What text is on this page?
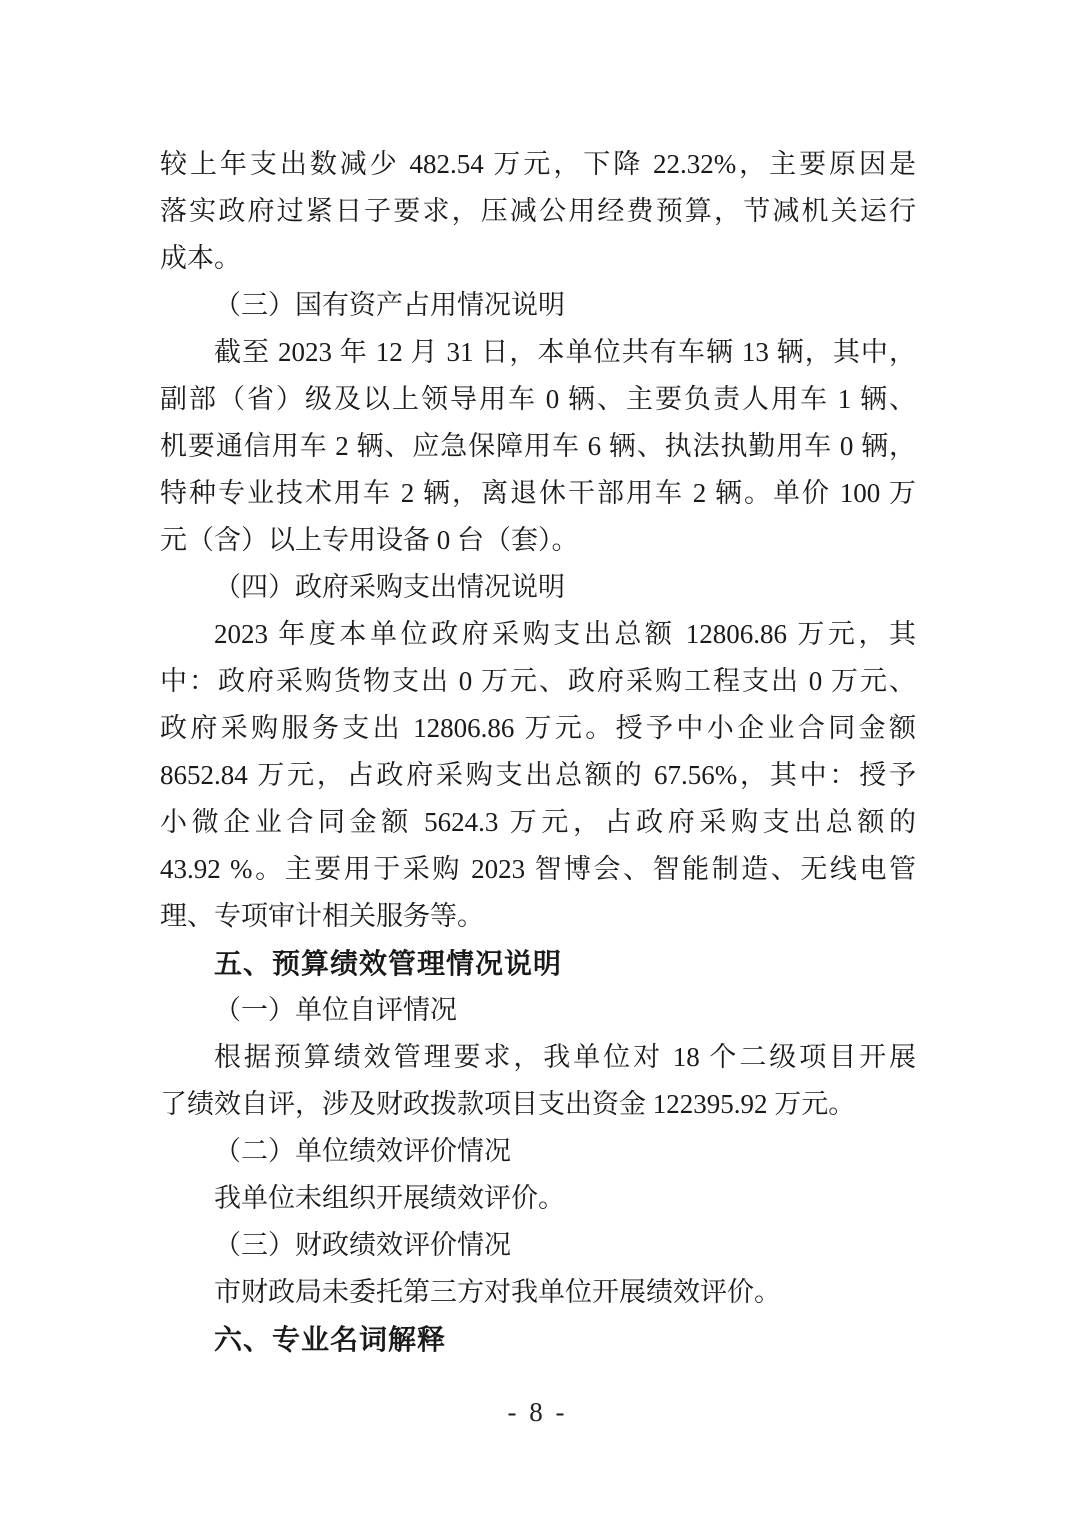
较上年支出数减少 482.54 万元，下降 22.32%，主要原因是
落实政府过紧日子要求，压减公用经费预算，节减机关运行
成本。
（三）国有资产占用情况说明
截至 2023 年 12 月 31 日，本单位共有车辆 13 辆，其中，
副部（省）级及以上领导用车 0 辆、主要负责人用车 1 辆、
机要通信用车 2 辆、应急保障用车 6 辆、执法执勤用车 0 辆，
特种专业技术用车 2 辆，离退休干部用车 2 辆。单价 100 万
元（含）以上专用设备 0 台（套）。
（四）政府采购支出情况说明
2023 年度本单位政府采购支出总额 12806.86 万元，其
中：政府采购货物支出 0 万元、政府采购工程支出 0 万元、
政府采购服务支出 12806.86 万元。授予中小企业合同金额
8652.84 万元，占政府采购支出总额的 67.56%，其中：授予
小微企业合同金额 5624.3 万元，占政府采购支出总额的
43.92 %。主要用于采购 2023 智博会、智能制造、无线电管
理、专项审计相关服务等。
五、预算绩效管理情况说明
（一）单位自评情况
根据预算绩效管理要求，我单位对 18 个二级项目开展
了绩效自评，涉及财政拨款项目支出资金 122395.92 万元。
（二）单位绩效评价情况
我单位未组织开展绩效评价。
（三）财政绩效评价情况
市财政局未委托第三方对我单位开展绩效评价。
六、专业名词解释
- 8 -
